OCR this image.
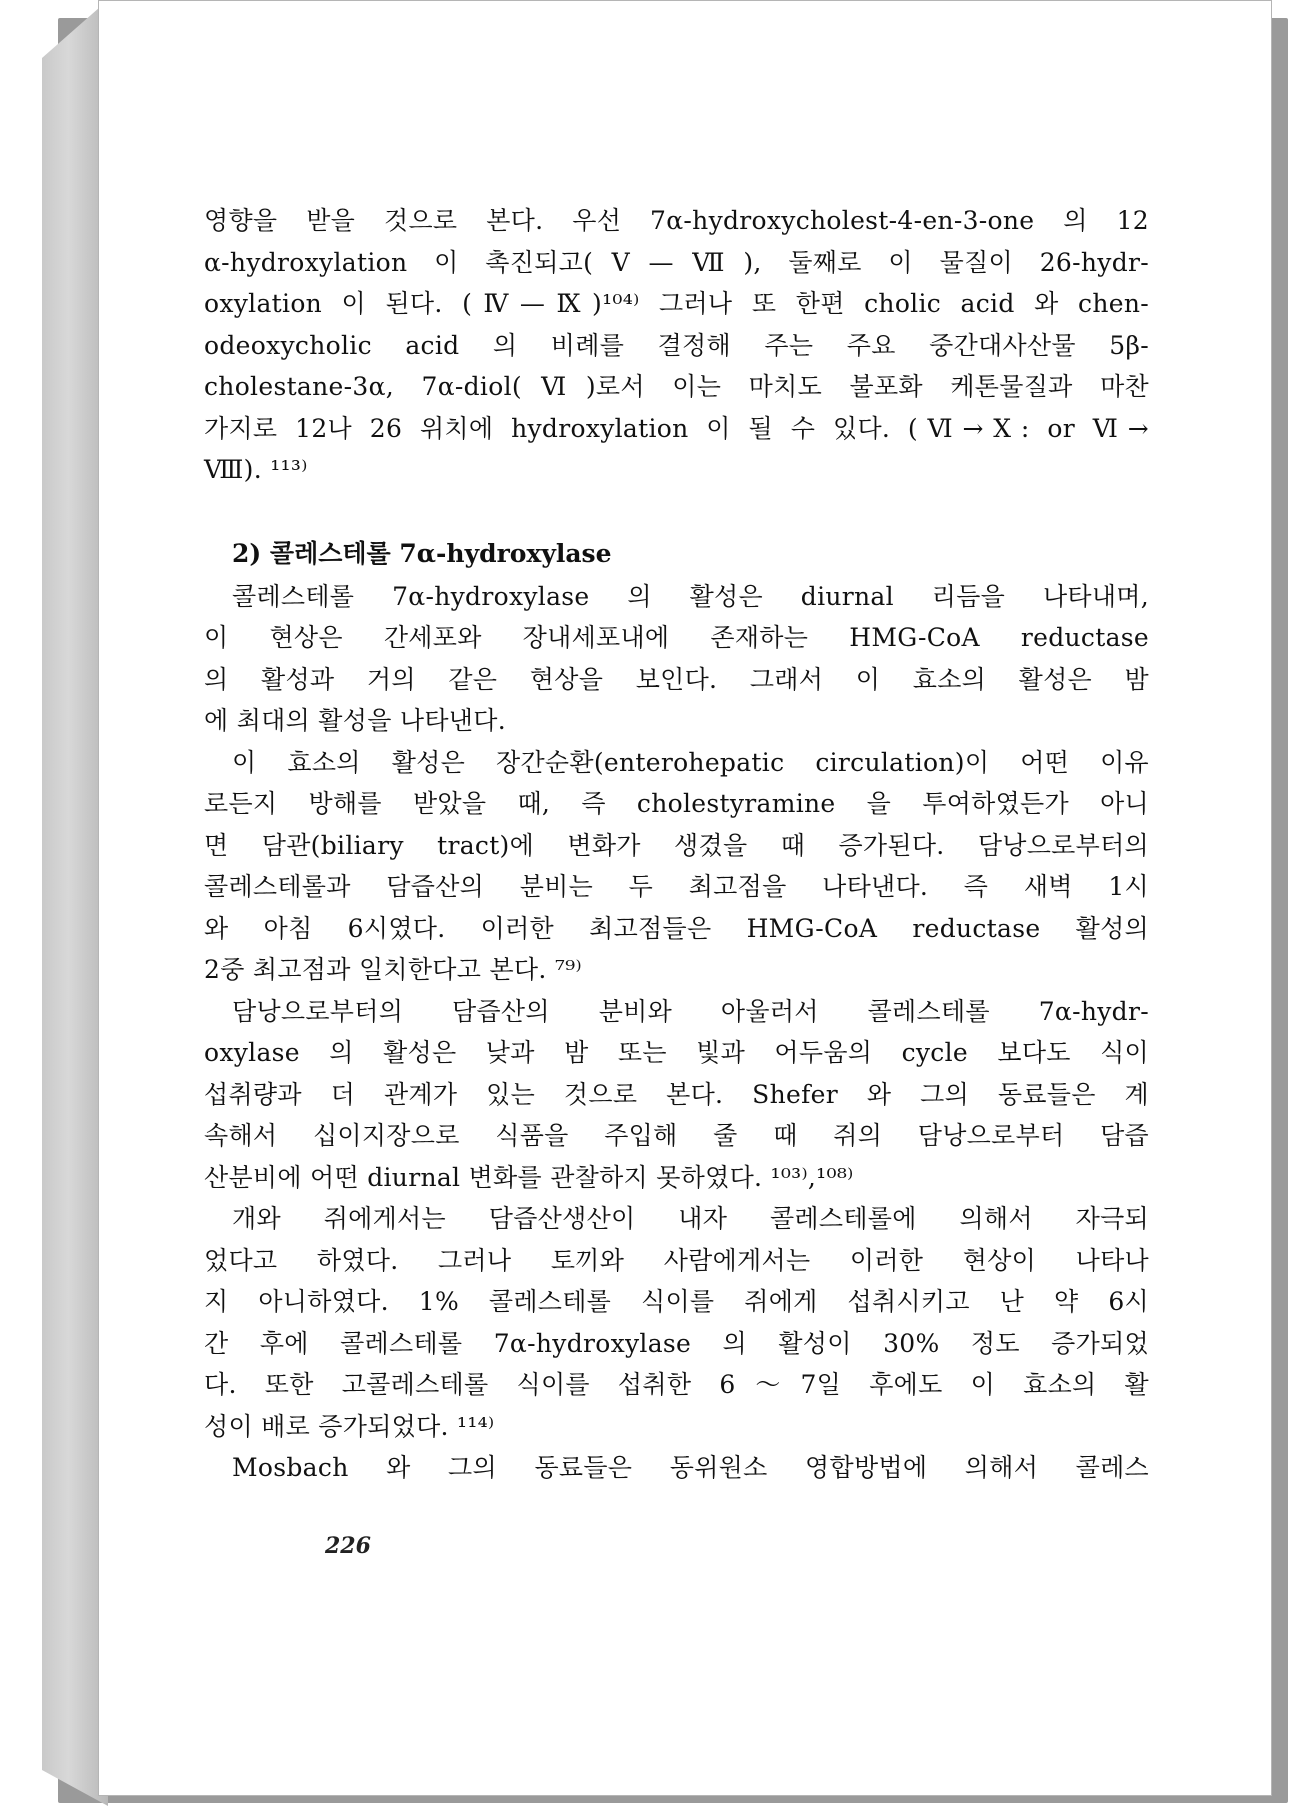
영향을 받을 것으로 본다. 우선 7α-hydroxycholest-4-en-3-one 의 12
α-hydroxylation 이 촉진되고(Ⅴ—Ⅶ), 둘째로 이 물질이 26-hydr-
oxylation 이 된다. (Ⅳ—Ⅸ)¹⁰⁴⁾ 그러나 또 한편 cholic acid 와 chen-
odeoxycholic acid 의 비례를 결정해 주는 주요 중간대사산물 5β-
cholestane-3α, 7α-diol(Ⅵ)로서 이는 마치도 불포화 케톤물질과 마찬
가지로 12나 26 위치에 hydroxylation 이 될 수 있다. (Ⅵ→Ⅹ: or Ⅵ→
Ⅷ). ¹¹³⁾
2) 콜레스테롤 7α-hydroxylase
콜레스테롤 7α-hydroxylase 의 활성은 diurnal 리듬을 나타내며,
이 현상은 간세포와 장내세포내에 존재하는 HMG-CoA reductase
의 활성과 거의 같은 현상을 보인다. 그래서 이 효소의 활성은 밤
에 최대의 활성을 나타낸다.
이 효소의 활성은 장간순환(enterohepatic circulation)이 어떤 이유
로든지 방해를 받았을 때, 즉 cholestyramine 을 투여하였든가 아니
면 담관(biliary tract)에 변화가 생겼을 때 증가된다. 담낭으로부터의
콜레스테롤과 담즙산의 분비는 두 최고점을 나타낸다. 즉 새벽 1시
와 아침 6시였다. 이러한 최고점들은 HMG-CoA reductase 활성의
2중 최고점과 일치한다고 본다. ⁷⁹⁾
담낭으로부터의 담즙산의 분비와 아울러서 콜레스테롤 7α-hydr-
oxylase 의 활성은 낮과 밤 또는 빛과 어두움의 cycle 보다도 식이
섭취량과 더 관계가 있는 것으로 본다. Shefer 와 그의 동료들은 계
속해서 십이지장으로 식품을 주입해 줄 때 쥐의 담낭으로부터 담즙
산분비에 어떤 diurnal 변화를 관찰하지 못하였다. ¹⁰³⁾,¹⁰⁸⁾
개와 쥐에게서는 담즙산생산이 내자 콜레스테롤에 의해서 자극되
었다고 하였다. 그러나 토끼와 사람에게서는 이러한 현상이 나타나
지 아니하였다. 1% 콜레스테롤 식이를 쥐에게 섭취시키고 난 약 6시
간 후에 콜레스테롤 7α-hydroxylase 의 활성이 30% 정도 증가되었
다. 또한 고콜레스테롤 식이를 섭취한 6～7일 후에도 이 효소의 활
성이 배로 증가되었다. ¹¹⁴⁾
Mosbach 와 그의 동료들은 동위원소 영합방법에 의해서 콜레스
226
